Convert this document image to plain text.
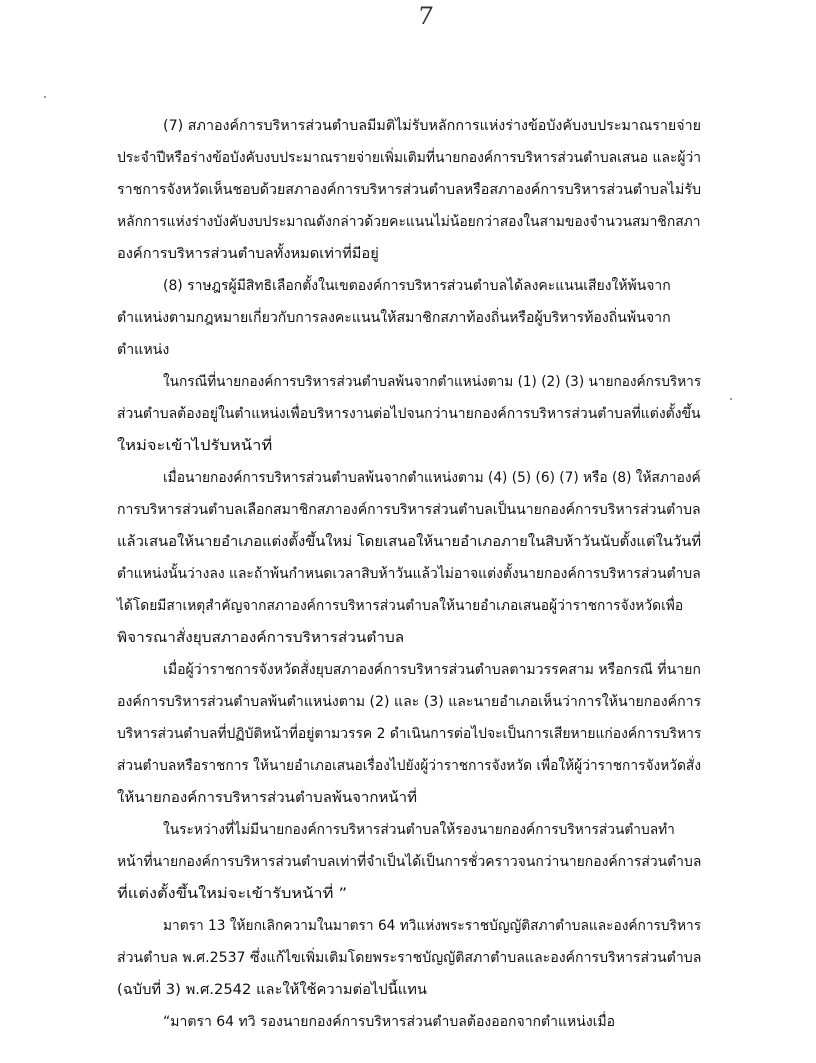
7
(7) สภาองค์การบริหารส่วนตำบลมีมติไม่รับหลักการแห่งร่างข้อบังคับงบประมาณรายจ่าย
ประจำปีหรือร่างข้อบังคับงบประมาณรายจ่ายเพิ่มเติมที่นายกองค์การบริหารส่วนตำบลเสนอ และผู้ว่า
ราชการจังหวัดเห็นชอบด้วยสภาองค์การบริหารส่วนตำบลหรือสภาองค์การบริหารส่วนตำบลไม่รับ
หลักการแห่งร่างบังคับงบประมาณดังกล่าวด้วยคะแนนไม่น้อยกว่าสองในสามของจำนวนสมาชิกสภา
องค์การบริหารส่วนตำบลทั้งหมดเท่าที่มีอยู่
(8) ราษฎรผู้มีสิทธิเลือกตั้งในเขตองค์การบริหารส่วนตำบลได้ลงคะแนนเสียงให้พ้นจาก
ตำแหน่งตามกฎหมายเกี่ยวกับการลงคะแนนให้สมาชิกสภาท้องถิ่นหรือผู้บริหารท้องถิ่นพ้นจาก
ตำแหน่ง
ในกรณีที่นายกองค์การบริหารส่วนตำบลพ้นจากตำแหน่งตาม (1) (2) (3) นายกองค์กรบริหาร
ส่วนตำบลต้องอยู่ในตำแหน่งเพื่อบริหารงานต่อไปจนกว่านายกองค์การบริหารส่วนตำบลที่แต่งตั้งขึ้น
ใหม่จะเข้าไปรับหน้าที่
เมื่อนายกองค์การบริหารส่วนตำบลพ้นจากตำแหน่งตาม (4) (5) (6) (7) หรือ (8) ให้สภาองค์
การบริหารส่วนตำบลเลือกสมาชิกสภาองค์การบริหารส่วนตำบลเป็นนายกองค์การบริหารส่วนตำบล
แล้วเสนอให้นายอำเภอแต่งตั้งขึ้นใหม่ โดยเสนอให้นายอำเภอภายในสิบห้าวันนับตั้งแต่ในวันที่
ตำแหน่งนั้นว่างลง และถ้าพ้นกำหนดเวลาสิบห้าวันแล้วไม่อาจแต่งตั้งนายกองค์การบริหารส่วนตำบล
ได้โดยมีสาเหตุสำคัญจากสภาองค์การบริหารส่วนตำบลให้นายอำเภอเสนอผู้ว่าราชการจังหวัดเพื่อ
พิจารณาสั่งยุบสภาองค์การบริหารส่วนตำบล
เมื่อผู้ว่าราชการจังหวัดสั่งยุบสภาองค์การบริหารส่วนตำบลตามวรรคสาม หรือกรณี ที่นายก
องค์การบริหารส่วนตำบลพ้นตำแหน่งตาม (2) และ (3) และนายอำเภอเห็นว่าการให้นายกองค์การ
บริหารส่วนตำบลที่ปฏิบัติหน้าที่อยู่ตามวรรค 2 ดำเนินการต่อไปจะเป็นการเสียหายแก่องค์การบริหาร
ส่วนตำบลหรือราชการ ให้นายอำเภอเสนอเรื่องไปยังผู้ว่าราชการจังหวัด เพื่อให้ผู้ว่าราชการจังหวัดสั่ง
ให้นายกองค์การบริหารส่วนตำบลพ้นจากหน้าที่
ในระหว่างที่ไม่มีนายกองค์การบริหารส่วนตำบลให้รองนายกองค์การบริหารส่วนตำบลทำ
หน้าที่นายกองค์การบริหารส่วนตำบลเท่าที่จำเป็นได้เป็นการชั่วคราวจนกว่านายกองค์การส่วนตำบล
ที่แต่งตั้งขึ้นใหม่จะเข้ารับหน้าที่ ”
มาตรา 13 ให้ยกเลิกความในมาตรา 64 ทวิแห่งพระราชบัญญัติสภาตำบลและองค์การบริหาร
ส่วนตำบล พ.ศ.2537 ซึ่งแก้ไขเพิ่มเติมโดยพระราชบัญญัติสภาตำบลและองค์การบริหารส่วนตำบล
(ฉบับที่ 3) พ.ศ.2542 และให้ใช้ความต่อไปนี้แทน
“มาตรา 64 ทวิ รองนายกองค์การบริหารส่วนตำบลต้องออกจากตำแหน่งเมื่อ
